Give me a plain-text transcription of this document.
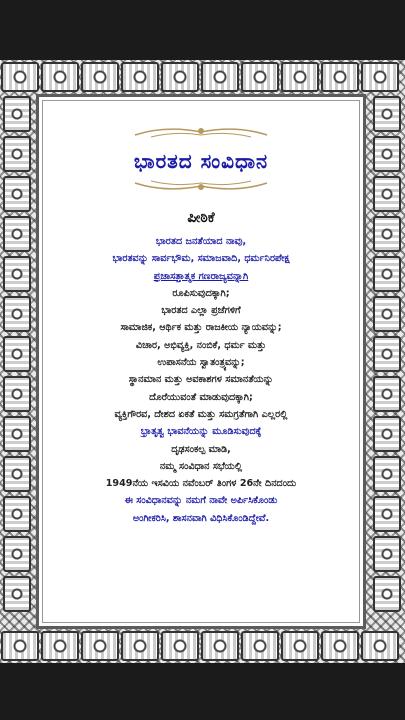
ಭಾರತದ ಸಂವಿಧಾನ
ಪೀಠಿಕೆ
ಭಾರತದ ಜನತೆಯಾದ ನಾವು,
ಭಾರತವನ್ನು ಸಾರ್ವಭೌಮ, ಸಮಾಜವಾದಿ, ಧರ್ಮನಿರಪೇಕ್ಷ
ಪ್ರಜಾಸತ್ತಾತ್ಮಕ ಗಣರಾಜ್ಯವನ್ನಾಗಿ
ರೂಪಿಸುವುದಕ್ಕಾಗಿ;
ಭಾರತದ ಎಲ್ಲಾ ಪ್ರಜೆಗಳಿಗೆ
ಸಾಮಾಜಿಕ, ಆರ್ಥಿಕ ಮತ್ತು ರಾಜಕೀಯ ನ್ಯಾಯವನ್ನು;
ವಿಚಾರ, ಅಭಿವ್ಯಕ್ತಿ, ನಂಬಿಕೆ, ಧರ್ಮ ಮತ್ತು
ಉಪಾಸನೆಯ ಸ್ವಾತಂತ್ರ್ಯವನ್ನು;
ಸ್ಥಾನಮಾನ ಮತ್ತು ಅವಕಾಶಗಳ ಸಮಾನತೆಯನ್ನು
ದೊರೆಯುವಂತೆ ಮಾಡುವುದಕ್ಕಾಗಿ;
ವ್ಯಕ್ತಿಗೌರವ, ದೇಶದ ಏಕತೆ ಮತ್ತು ಸಮಗ್ರತೆಗಾಗಿ ಎಲ್ಲರಲ್ಲಿ
ಭ್ರಾತೃತ್ವ ಭಾವನೆಯನ್ನು ಮೂಡಿಸುವುದಕ್ಕೆ
ದೃಢಸಂಕಲ್ಪ ಮಾಡಿ,
ನಮ್ಮ ಸಂವಿಧಾನ ಸಭೆಯಲ್ಲಿ
1949ನೆಯ ಇಸವಿಯ ನವೆಂಬರ್ ತಿಂಗಳ 26ನೇ ದಿನದಂದು
ಈ ಸಂವಿಧಾನವನ್ನು ನಮಗೆ ನಾವೇ ಅರ್ಪಿಸಿಕೊಂಡು
ಅಂಗೀಕರಿಸಿ, ಶಾಸನವಾಗಿ ವಿಧಿಸಿಕೊಂಡಿದ್ದೇವೆ.
